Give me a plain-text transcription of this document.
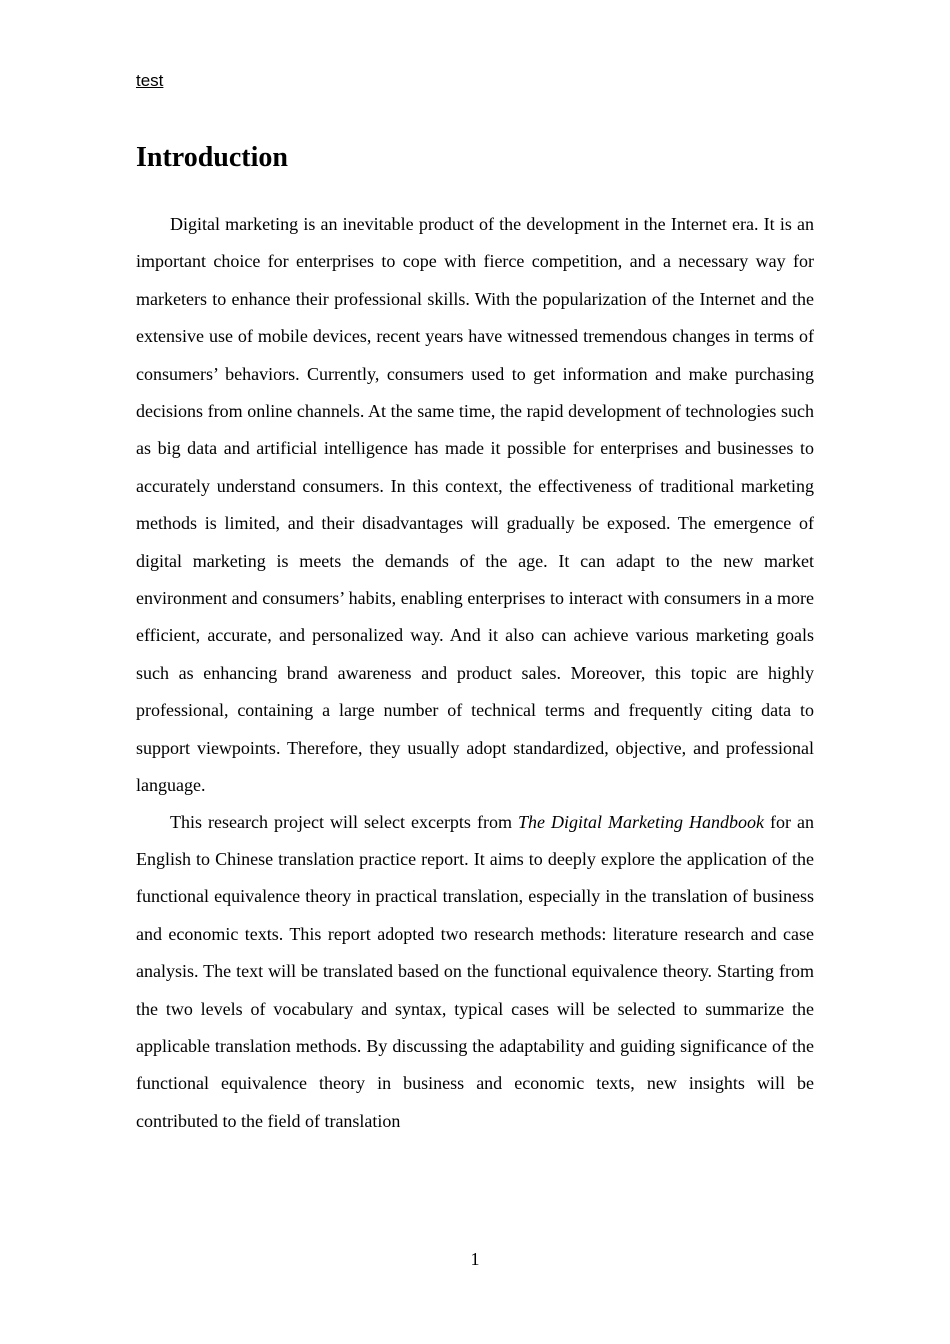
test
Introduction

Digital marketing is an inevitable product of the development in the Internet era. It is an important choice for enterprises to cope with fierce competition, and a necessary way for marketers to enhance their professional skills. With the popularization of the Internet and the extensive use of mobile devices, recent years have witnessed tremendous changes in terms of consumers’ behaviors. Currently, consumers used to get information and make purchasing decisions from online channels. At the same time, the rapid development of technologies such as big data and artificial intelligence has made it possible for enterprises and businesses to accurately understand consumers. In this context, the effectiveness of traditional marketing methods is limited, and their disadvantages will gradually be exposed. The emergence of digital marketing is meets the demands of the age. It can adapt to the new market environment and consumers’ habits, enabling enterprises to interact with consumers in a more efficient, accurate, and personalized way. And it also can achieve various marketing goals such as enhancing brand awareness and product sales. Moreover, this topic are highly professional, containing a large number of technical terms and frequently citing data to support viewpoints. Therefore, they usually adopt standardized, objective, and professional language.

This research project will select excerpts from The Digital Marketing Handbook for an English to Chinese translation practice report. It aims to deeply explore the application of the functional equivalence theory in practical translation, especially in the translation of business and economic texts. This report adopted two research methods: literature research and case analysis. The text will be translated based on the functional equivalence theory. Starting from the two levels of vocabulary and syntax, typical cases will be selected to summarize the applicable translation methods. By discussing the adaptability and guiding significance of the functional equivalence theory in business and economic texts, new insights will be contributed to the field of translation

1
